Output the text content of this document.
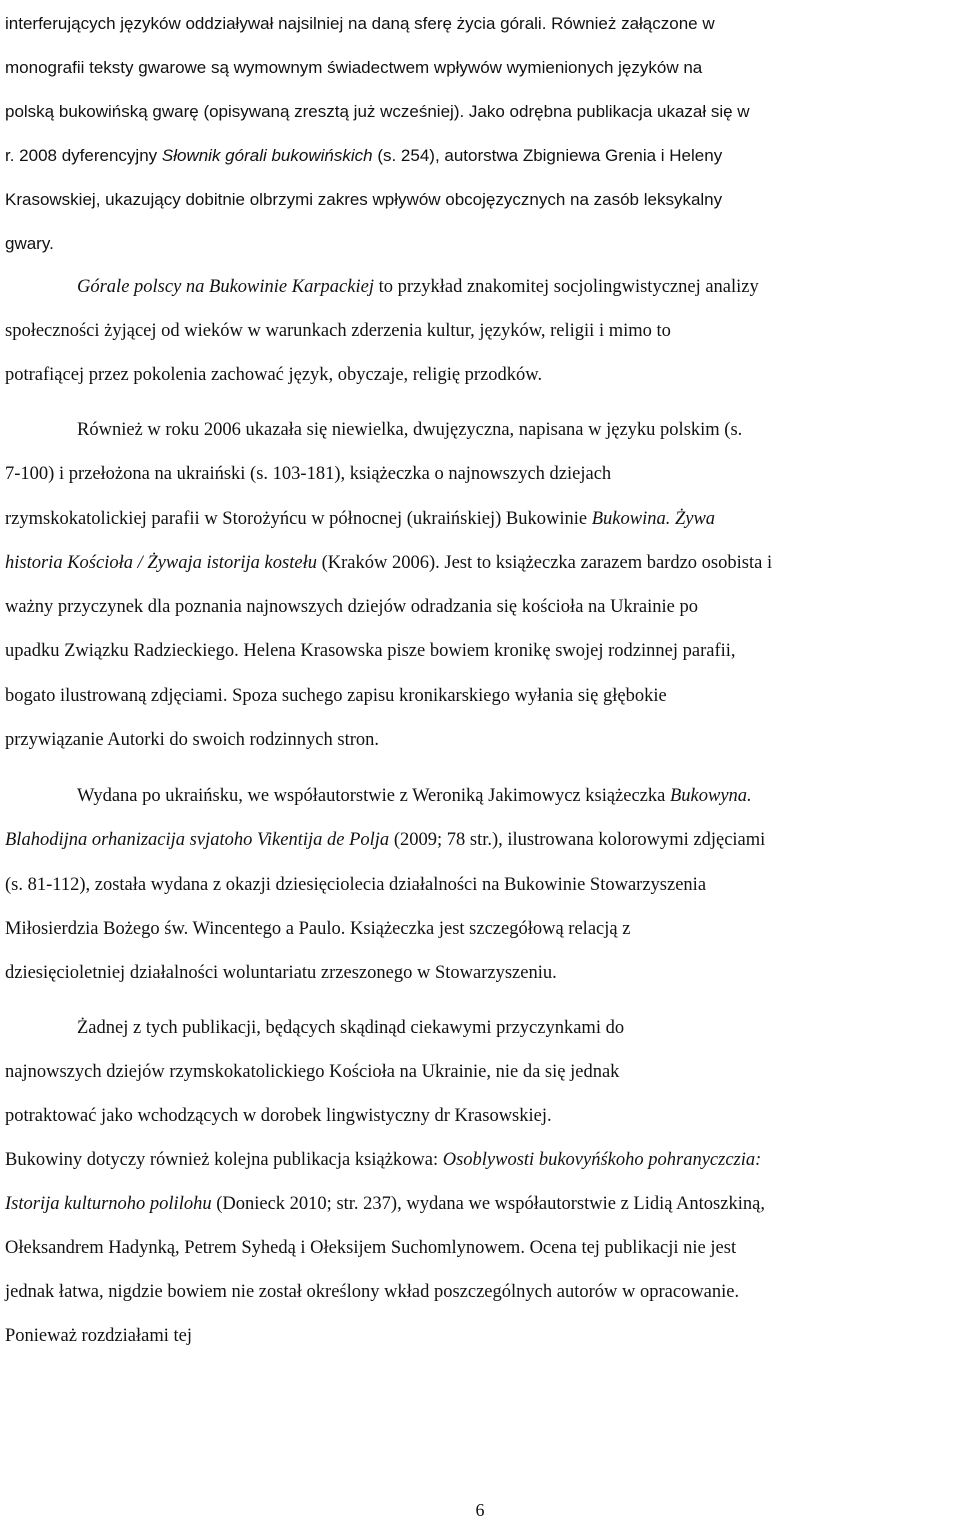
interferujących języków oddziaływał najsilniej na daną sferę życia górali. Również załączone w
monografii teksty gwarowe są wymownym świadectwem wpływów wymienionych języków na
polską bukowińską gwarę (opisywaną zresztą już wcześniej). Jako odrębna publikacja ukazał się w
r. 2008 dyferencyjny Słownik górali bukowińskich (s. 254), autorstwa Zbigniewa Grenia i Heleny
Krasowskiej, ukazujący dobitnie olbrzymi zakres wpływów obcojęzycznych na zasób leksykalny
gwary.

Górale polscy na Bukowinie Karpackiej to przykład znakomitej socjolingwistycznej analizy
społeczności żyjącej od wieków w warunkach zderzenia kultur, języków, religii i mimo to
potrafiącej przez pokolenia zachować język, obyczaje, religię przodków.

Również w roku 2006 ukazała się niewielka, dwujęzyczna, napisana w języku polskim (s.
7-100) i przełożona na ukraiński (s. 103-181), książeczka o najnowszych dziejach
rzymskokatolickiej parafii w Storożyńcu w północnej (ukraińskiej) Bukowinie Bukowina. Żywa
historia Kościoła / Żywaja istorija kostełu (Kraków 2006). Jest to książeczka zarazem bardzo osobista i
ważny przyczynek dla poznania najnowszych dziejów odradzania się kościoła na Ukrainie po
upadku Związku Radzieckiego. Helena Krasowska pisze bowiem kronikę swojej rodzinnej parafii,
bogato ilustrowaną zdjęciami. Spoza suchego zapisu kronikarskiego wyłania się głębokie
przywiązanie Autorki do swoich rodzinnych stron.

Wydana po ukraińsku, we współautorstwie z Weroniką Jakimowycz książeczka Bukowyna.
Blahodijna orhanizacija svjatoho Vikentija de Polja (2009; 78 str.), ilustrowana kolorowymi zdjęciami
(s. 81-112), została wydana z okazji dziesięciolecia działalności na Bukowinie Stowarzyszenia
Miłosierdzia Bożego św. Wincentego a Paulo. Książeczka jest szczegółową relacją z
dziesięcioletniej działalności woluntariatu zrzeszonego w Stowarzyszeniu.

Żadnej z tych publikacji, będących skądinąd ciekawymi przyczynkami do
najnowszych dziejów rzymskokatolickiego Kościoła na Ukrainie, nie da się jednak
potraktować jako wchodzących w dorobek lingwistyczny dr Krasowskiej.

Bukowiny dotyczy również kolejna publikacja książkowa: Osoblywosti bukovyńśkoho pohranyczczia:
Istorija kulturnoho polilohu (Donieck 2010; str. 237), wydana we współautorstwie z Lidią Antoszkiną,
Ołeksandrem Hadynką, Petrem Syhedą i Ołeksijem Suchomlynowem. Ocena tej publikacji nie jest
jednak łatwa, nigdzie bowiem nie został określony wkład poszczególnych autorów w opracowanie.
Ponieważ rozdziałami tej

6
